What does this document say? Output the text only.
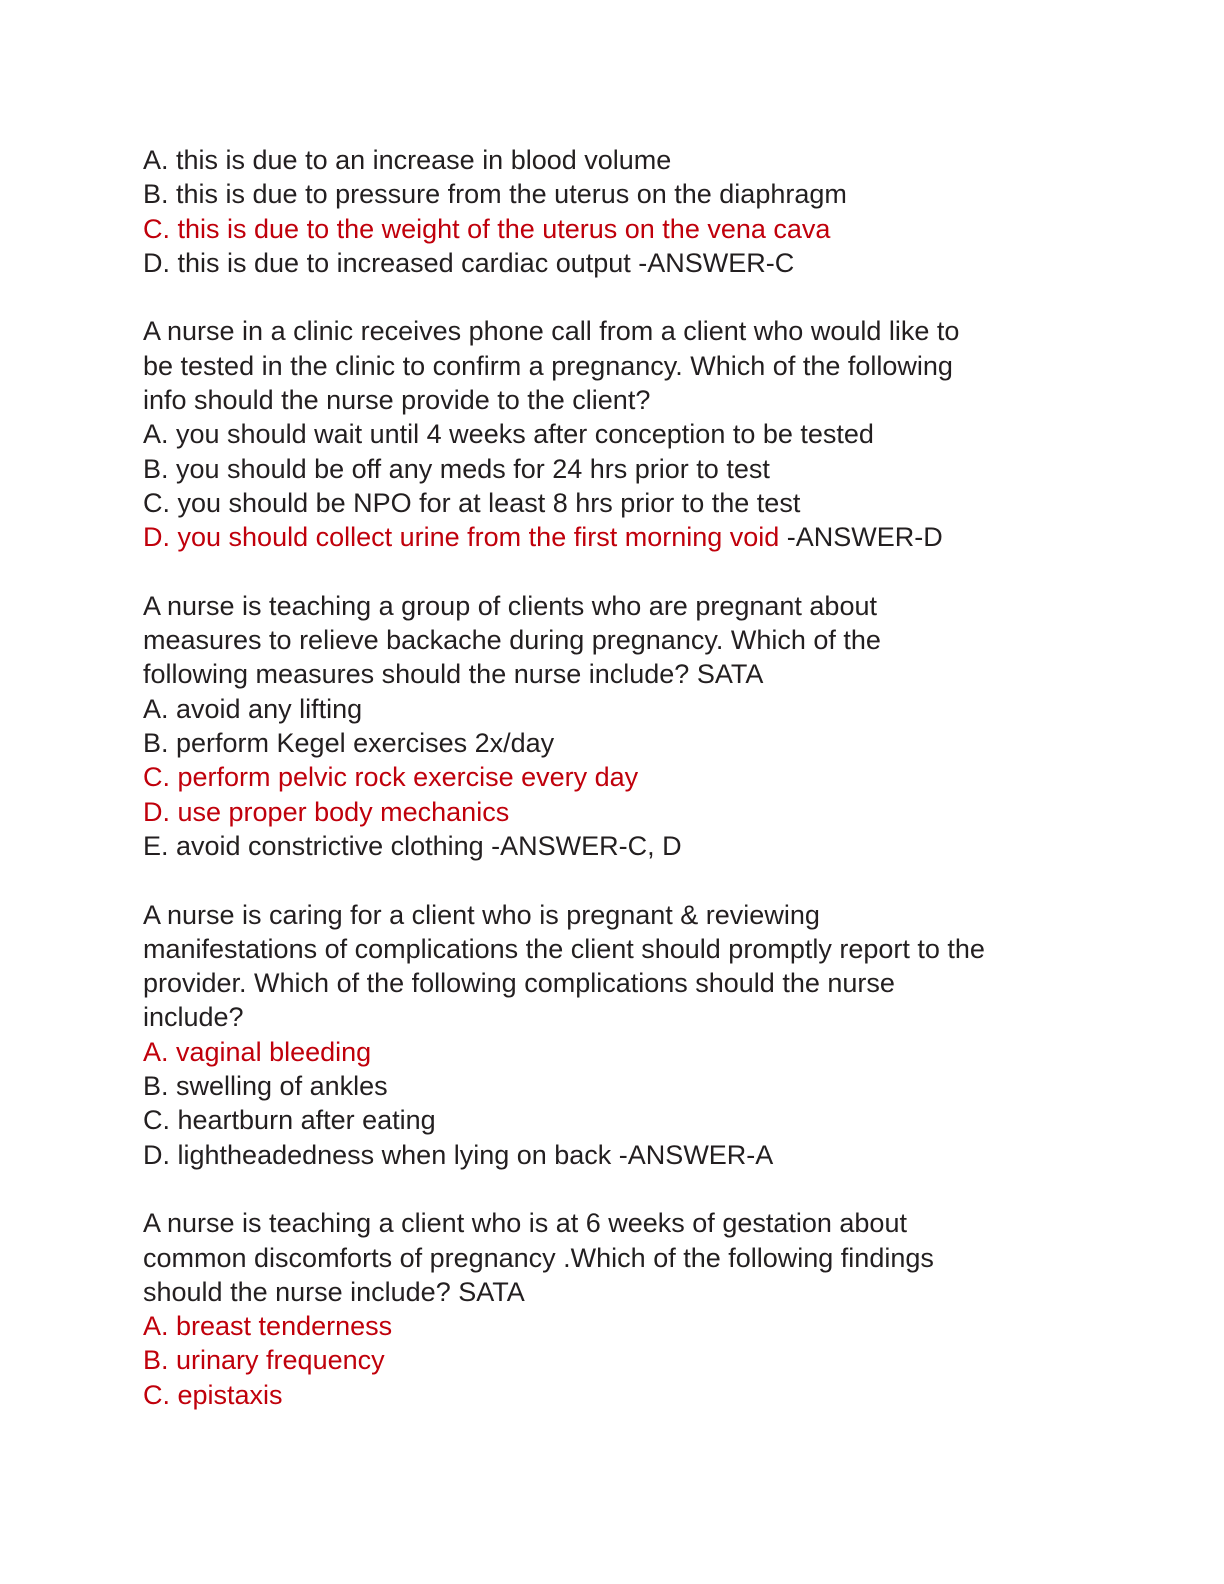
A. this is due to an increase in blood volume
B. this is due to pressure from the uterus on the diaphragm
C. this is due to the weight of the uterus on the vena cava
D. this is due to increased cardiac output -ANSWER-C
A nurse in a clinic receives phone call from a client who would like to
be tested in the clinic to confirm a pregnancy. Which of the following
info should the nurse provide to the client?
A. you should wait until 4 weeks after conception to be tested
B. you should be off any meds for 24 hrs prior to test
C. you should be NPO for at least 8 hrs prior to the test
D. you should collect urine from the first morning void -ANSWER-D
A nurse is teaching a group of clients who are pregnant about
measures to relieve backache during pregnancy. Which of the
following measures should the nurse include? SATA
A. avoid any lifting
B. perform Kegel exercises 2x/day
C. perform pelvic rock exercise every day
D. use proper body mechanics
E. avoid constrictive clothing -ANSWER-C, D
A nurse is caring for a client who is pregnant & reviewing
manifestations of complications the client should promptly report to the
provider. Which of the following complications should the nurse
include?
A. vaginal bleeding
B. swelling of ankles
C. heartburn after eating
D. lightheadedness when lying on back -ANSWER-A
A nurse is teaching a client who is at 6 weeks of gestation about
common discomforts of pregnancy .Which of the following findings
should the nurse include? SATA
A. breast tenderness
B. urinary frequency
C. epistaxis
